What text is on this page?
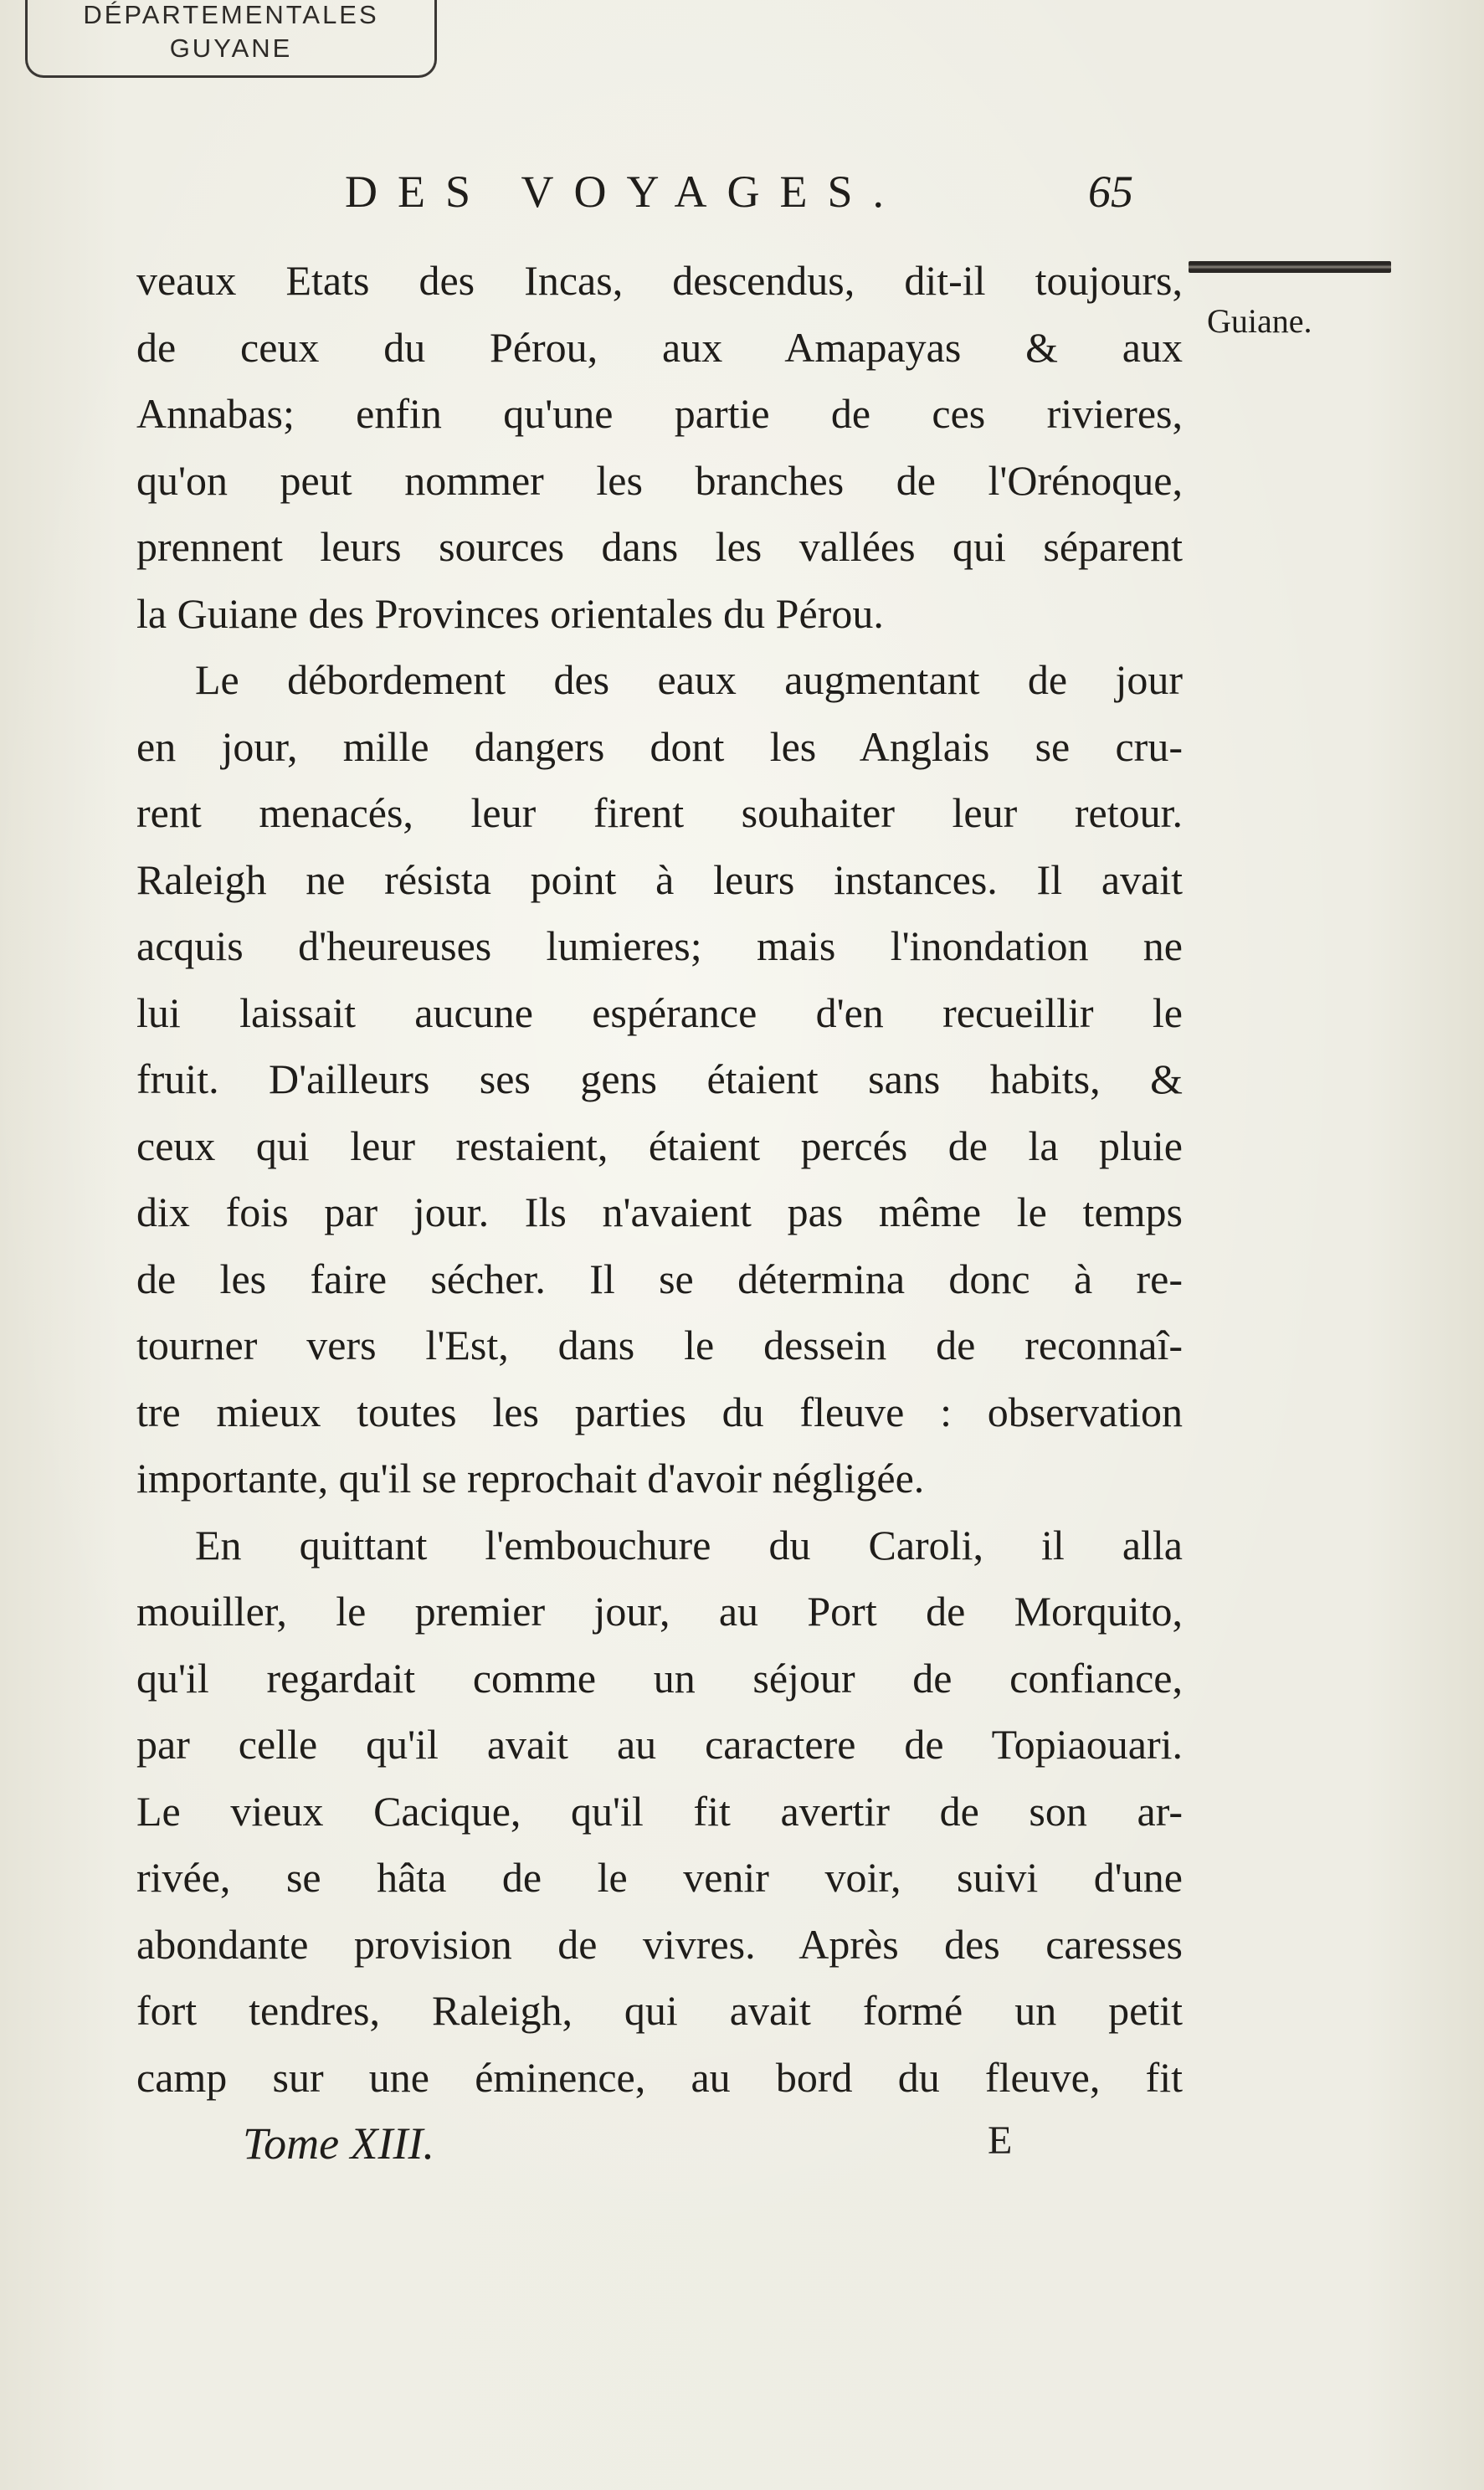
DÉPARTEMENTALES
GUYANE
DES VOYAGES.	65
Guiane.
veaux Etats des Incas, descendus, dit-il toujours,
de ceux du Pérou, aux Amapayas & aux
Annabas; enfin qu'une partie de ces rivieres,
qu'on peut nommer les branches de l'Orénoque,
prennent leurs sources dans les vallées qui séparent
la Guiane des Provinces orientales du Pérou.
Le débordement des eaux augmentant de jour
en jour, mille dangers dont les Anglais se cru-
rent menacés, leur firent souhaiter leur retour.
Raleigh ne résista point à leurs instances. Il avait
acquis d'heureuses lumieres; mais l'inondation ne
lui laissait aucune espérance d'en recueillir le
fruit. D'ailleurs ses gens étaient sans habits, &
ceux qui leur restaient, étaient percés de la pluie
dix fois par jour. Ils n'avaient pas même le temps
de les faire sécher. Il se détermina donc à re-
tourner vers l'Est, dans le dessein de reconnaî-
tre mieux toutes les parties du fleuve : observation
importante, qu'il se reprochait d'avoir négligée.
En quittant l'embouchure du Caroli, il alla
mouiller, le premier jour, au Port de Morquito,
qu'il regardait comme un séjour de confiance,
par celle qu'il avait au caractere de Topiaouari.
Le vieux Cacique, qu'il fit avertir de son ar-
rivée, se hâta de le venir voir, suivi d'une
abondante provision de vivres. Après des caresses
fort tendres, Raleigh, qui avait formé un petit
camp sur une éminence, au bord du fleuve, fit
Tome XIII.	E
